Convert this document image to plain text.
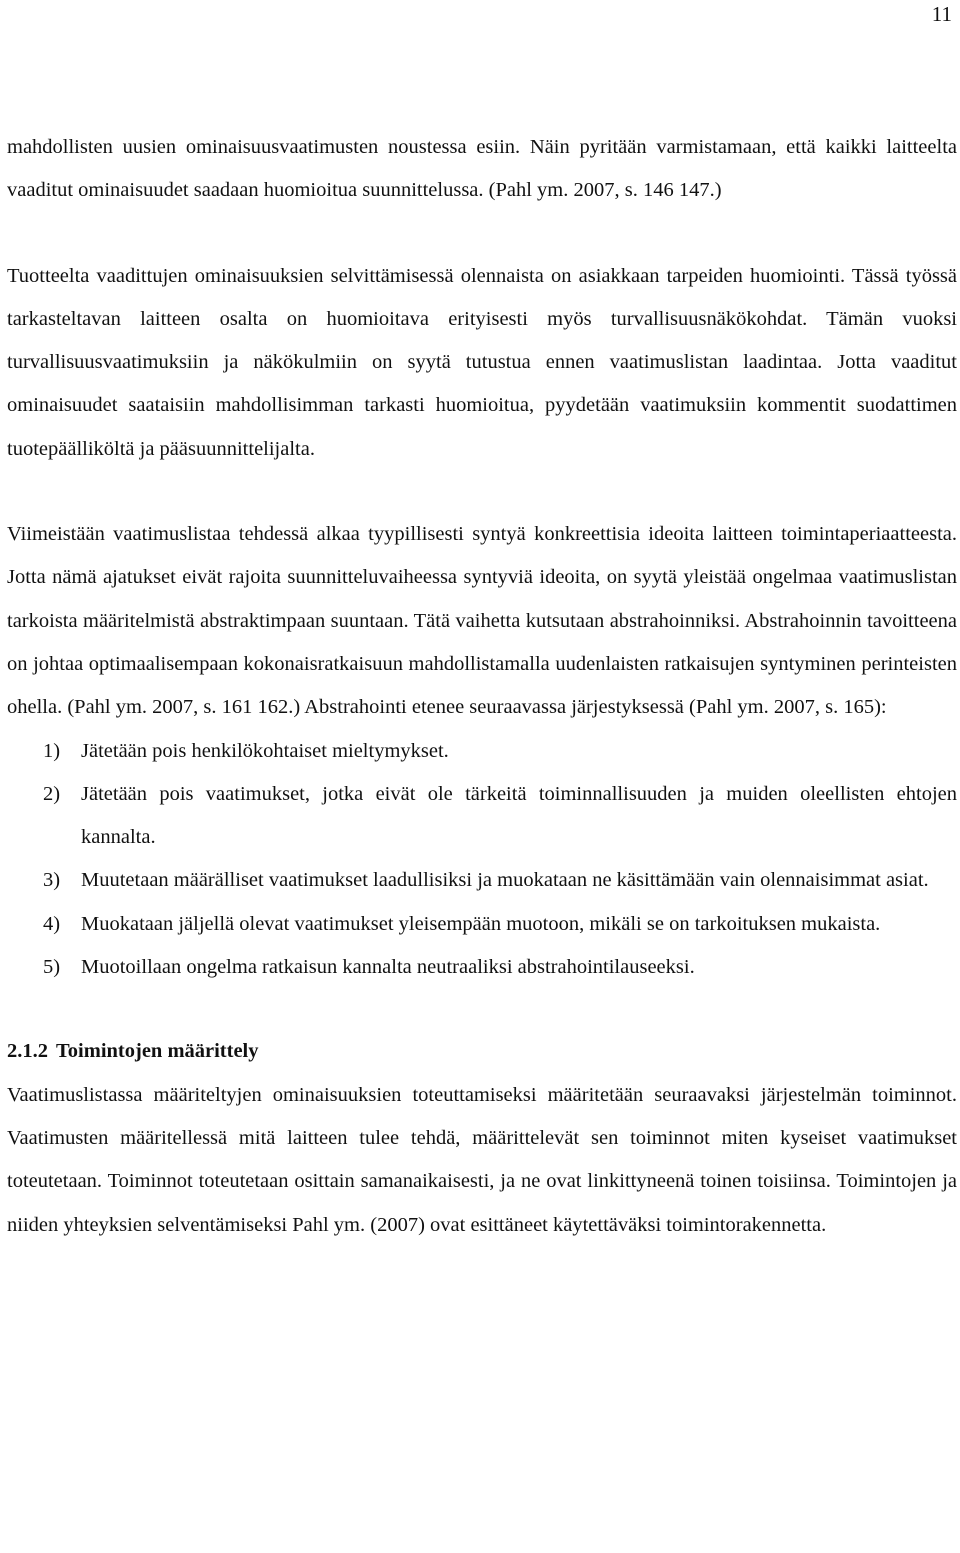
11

mahdollisten uusien ominaisuusvaatimusten noustessa esiin. Näin pyritään varmistamaan, että kaikki laitteelta vaaditut ominaisuudet saadaan huomioitua suunnittelussa. (Pahl ym. 2007, s. 146 147.)

Tuotteelta vaadittujen ominaisuuksien selvittämisessä olennaista on asiakkaan tarpeiden huomiointi. Tässä työssä tarkasteltavan laitteen osalta on huomioitava erityisesti myös turvallisuusnäkökohdat. Tämän vuoksi turvallisuusvaatimuksiin ja näkökulmiin on syytä tutustua ennen vaatimuslistan laadintaa. Jotta vaaditut ominaisuudet saataisiin mahdollisimman tarkasti huomioitua, pyydetään vaatimuksiin kommentit suodattimen tuotepäälliköltä ja pääsuunnittelijalta.

Viimeistään vaatimuslistaa tehdessä alkaa tyypillisesti syntyä konkreettisia ideoita laitteen toimintaperiaatteesta. Jotta nämä ajatukset eivät rajoita suunnitteluvaiheessa syntyviä ideoita, on syytä yleistää ongelmaa vaatimuslistan tarkoista määritelmistä abstraktimpaan suuntaan. Tätä vaihetta kutsutaan abstrahoinniksi. Abstrahoinnin tavoitteena on johtaa optimaalisempaan kokonaisratkaisuun mahdollistamalla uudenlaisten ratkaisujen syntyminen perinteisten ohella. (Pahl ym. 2007, s. 161 162.) Abstrahointi etenee seuraavassa järjestyksessä (Pahl ym. 2007, s. 165):

1)	Jätetään pois henkilökohtaiset mieltymykset.
2)	Jätetään pois vaatimukset, jotka eivät ole tärkeitä toiminnallisuuden ja muiden oleellisten ehtojen kannalta.
3)	Muutetaan määrälliset vaatimukset laadullisiksi ja muokataan ne käsittämään vain olennaisimmat asiat.
4)	Muokataan jäljellä olevat vaatimukset yleisempään muotoon, mikäli se on tarkoituksen mukaista.
5)	Muotoillaan ongelma ratkaisun kannalta neutraaliksi abstrahointilauseeksi.
2.1.2 Toimintojen määrittely

Vaatimuslistassa määriteltyjen ominaisuuksien toteuttamiseksi määritetään seuraavaksi järjestelmän toiminnot. Vaatimusten määritellessä mitä laitteen tulee tehdä, määrittelevät sen toiminnot miten kyseiset vaatimukset toteutetaan. Toiminnot toteutetaan osittain samanaikaisesti, ja ne ovat linkittyneenä toinen toisiinsa. Toimintojen ja niiden yhteyksien selventämiseksi Pahl ym. (2007) ovat esittäneet käytettäväksi toimintorakennetta.
